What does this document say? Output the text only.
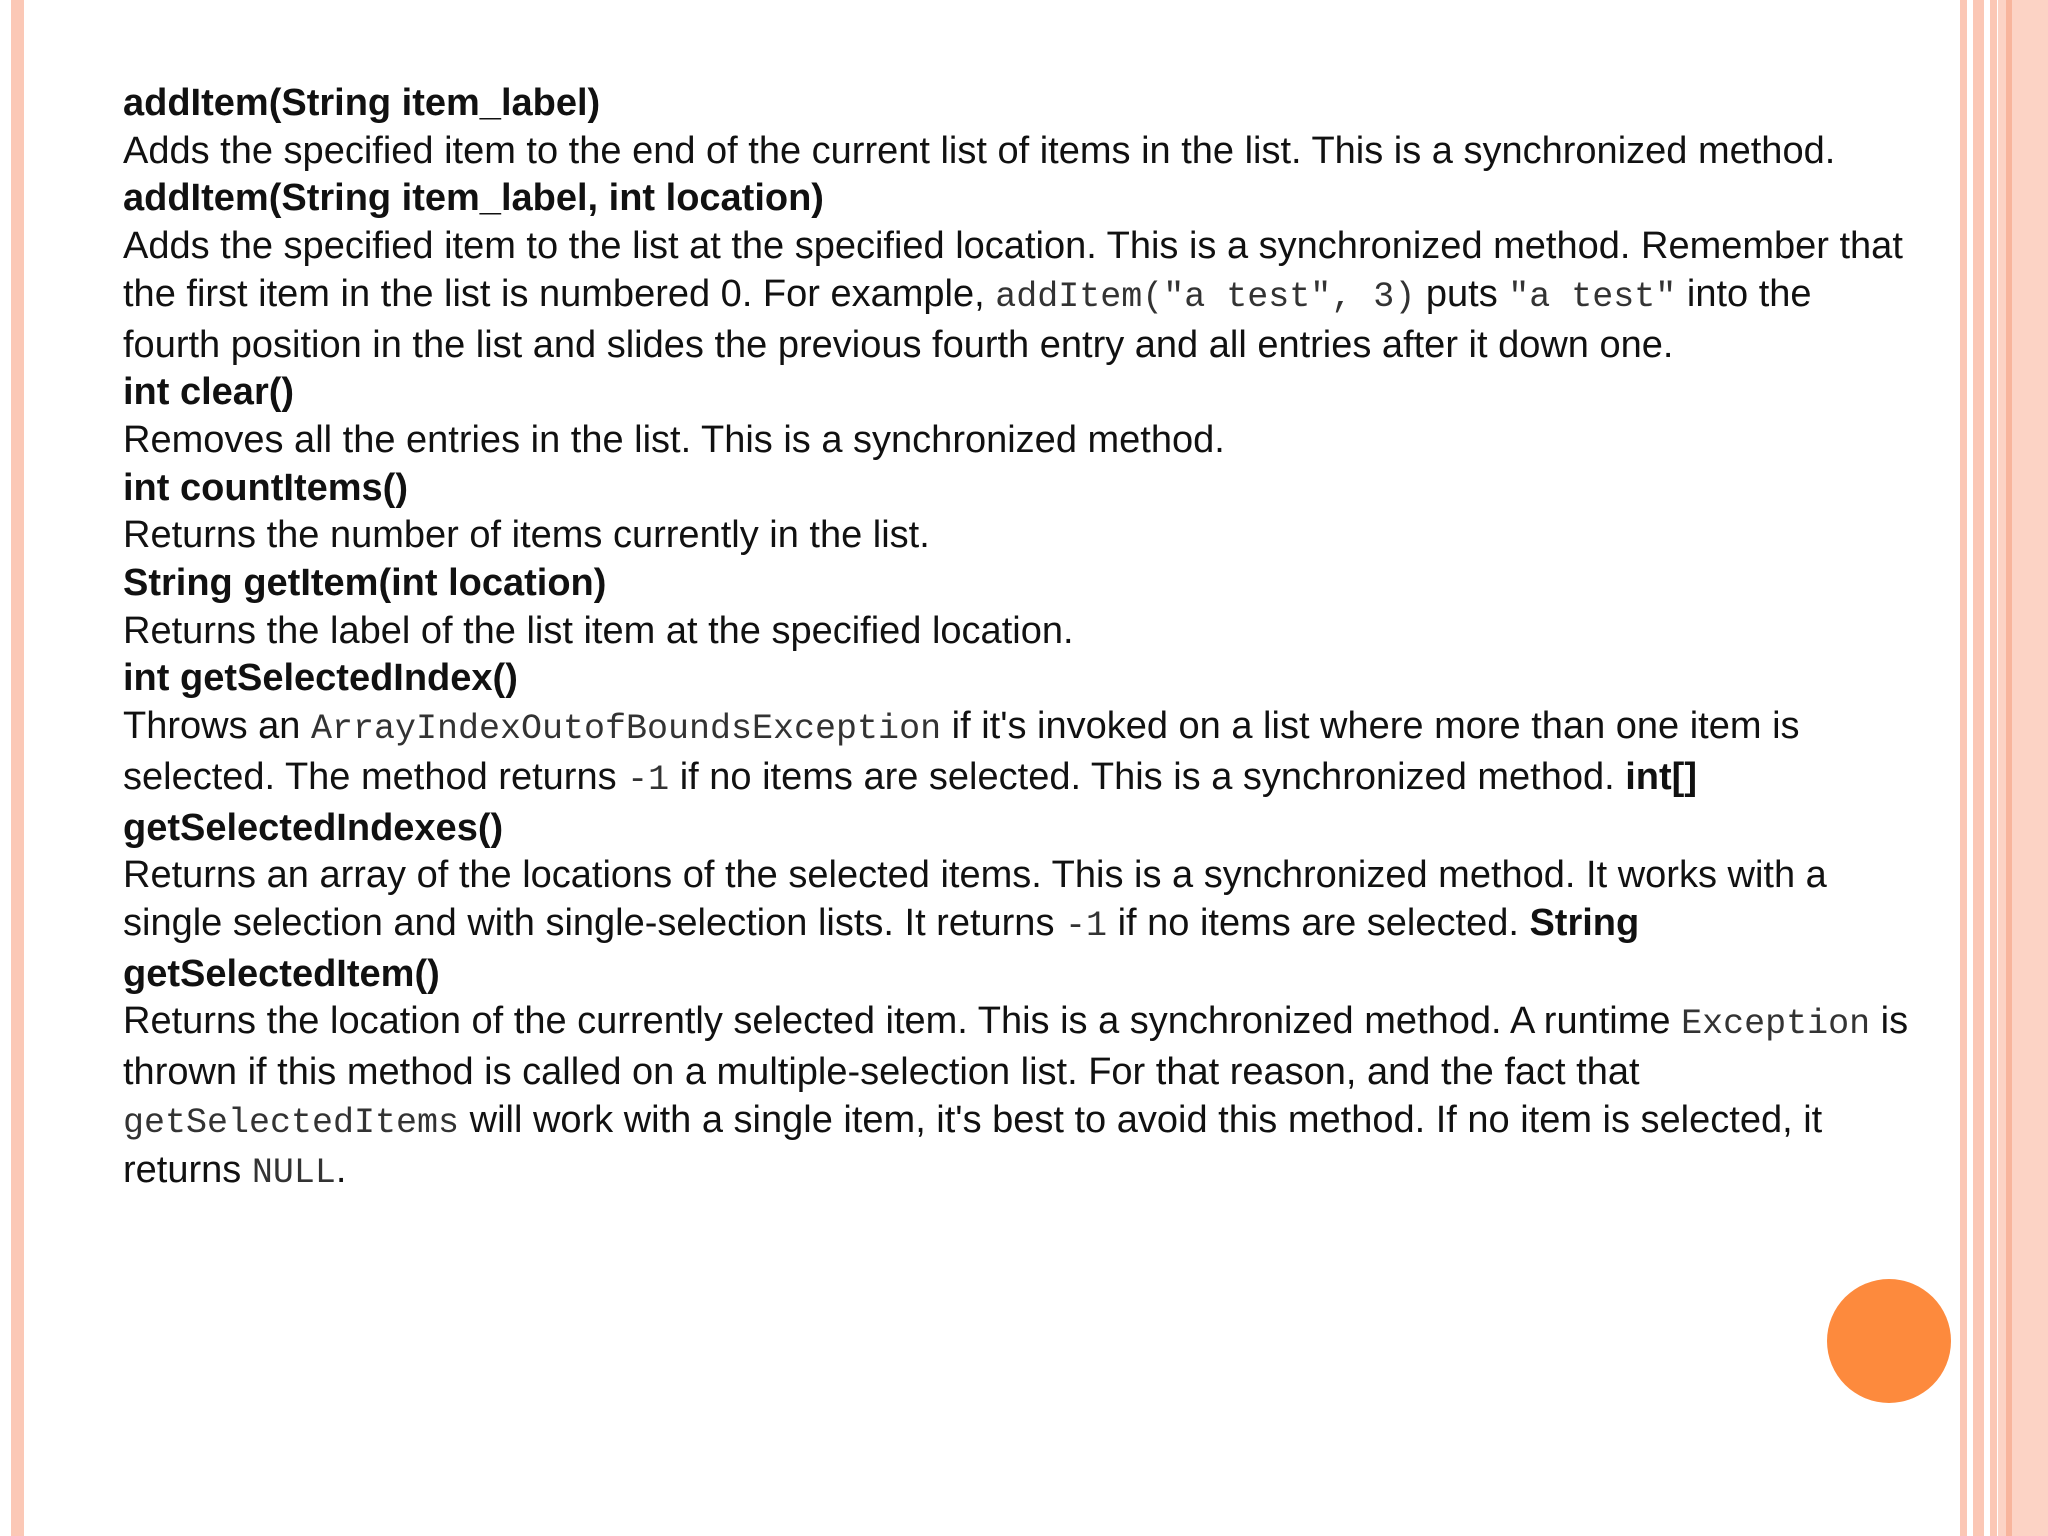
addItem(String item_label)

Adds the specified item to the end of the current list of items in the list. This is a synchronized method.

addItem(String item_label, int location)

Adds the specified item to the list at the specified location. This is a synchronized method. Remember that the first item in the list is numbered 0. For example, addItem("a test", 3) puts "a test" into the fourth position in the list and slides the previous fourth entry and all entries after it down one.

int clear()

Removes all the entries in the list. This is a synchronized method.

int countItems()

Returns the number of items currently in the list.

String getItem(int location)

Returns the label of the list item at the specified location.

int getSelectedIndex()

Throws an ArrayIndexOutofBoundsException if it's invoked on a list where more than one item is selected. The method returns -1 if no items are selected. This is a synchronized method. int[] getSelectedIndexes()

Returns an array of the locations of the selected items. This is a synchronized method. It works with a single selection and with single-selection lists. It returns -1 if no items are selected. String getSelectedItem()

Returns the location of the currently selected item. This is a synchronized method. A runtime Exception is thrown if this method is called on a multiple-selection list. For that reason, and the fact that getSelectedItems will work with a single item, it's best to avoid this method. If no item is selected, it returns NULL.
